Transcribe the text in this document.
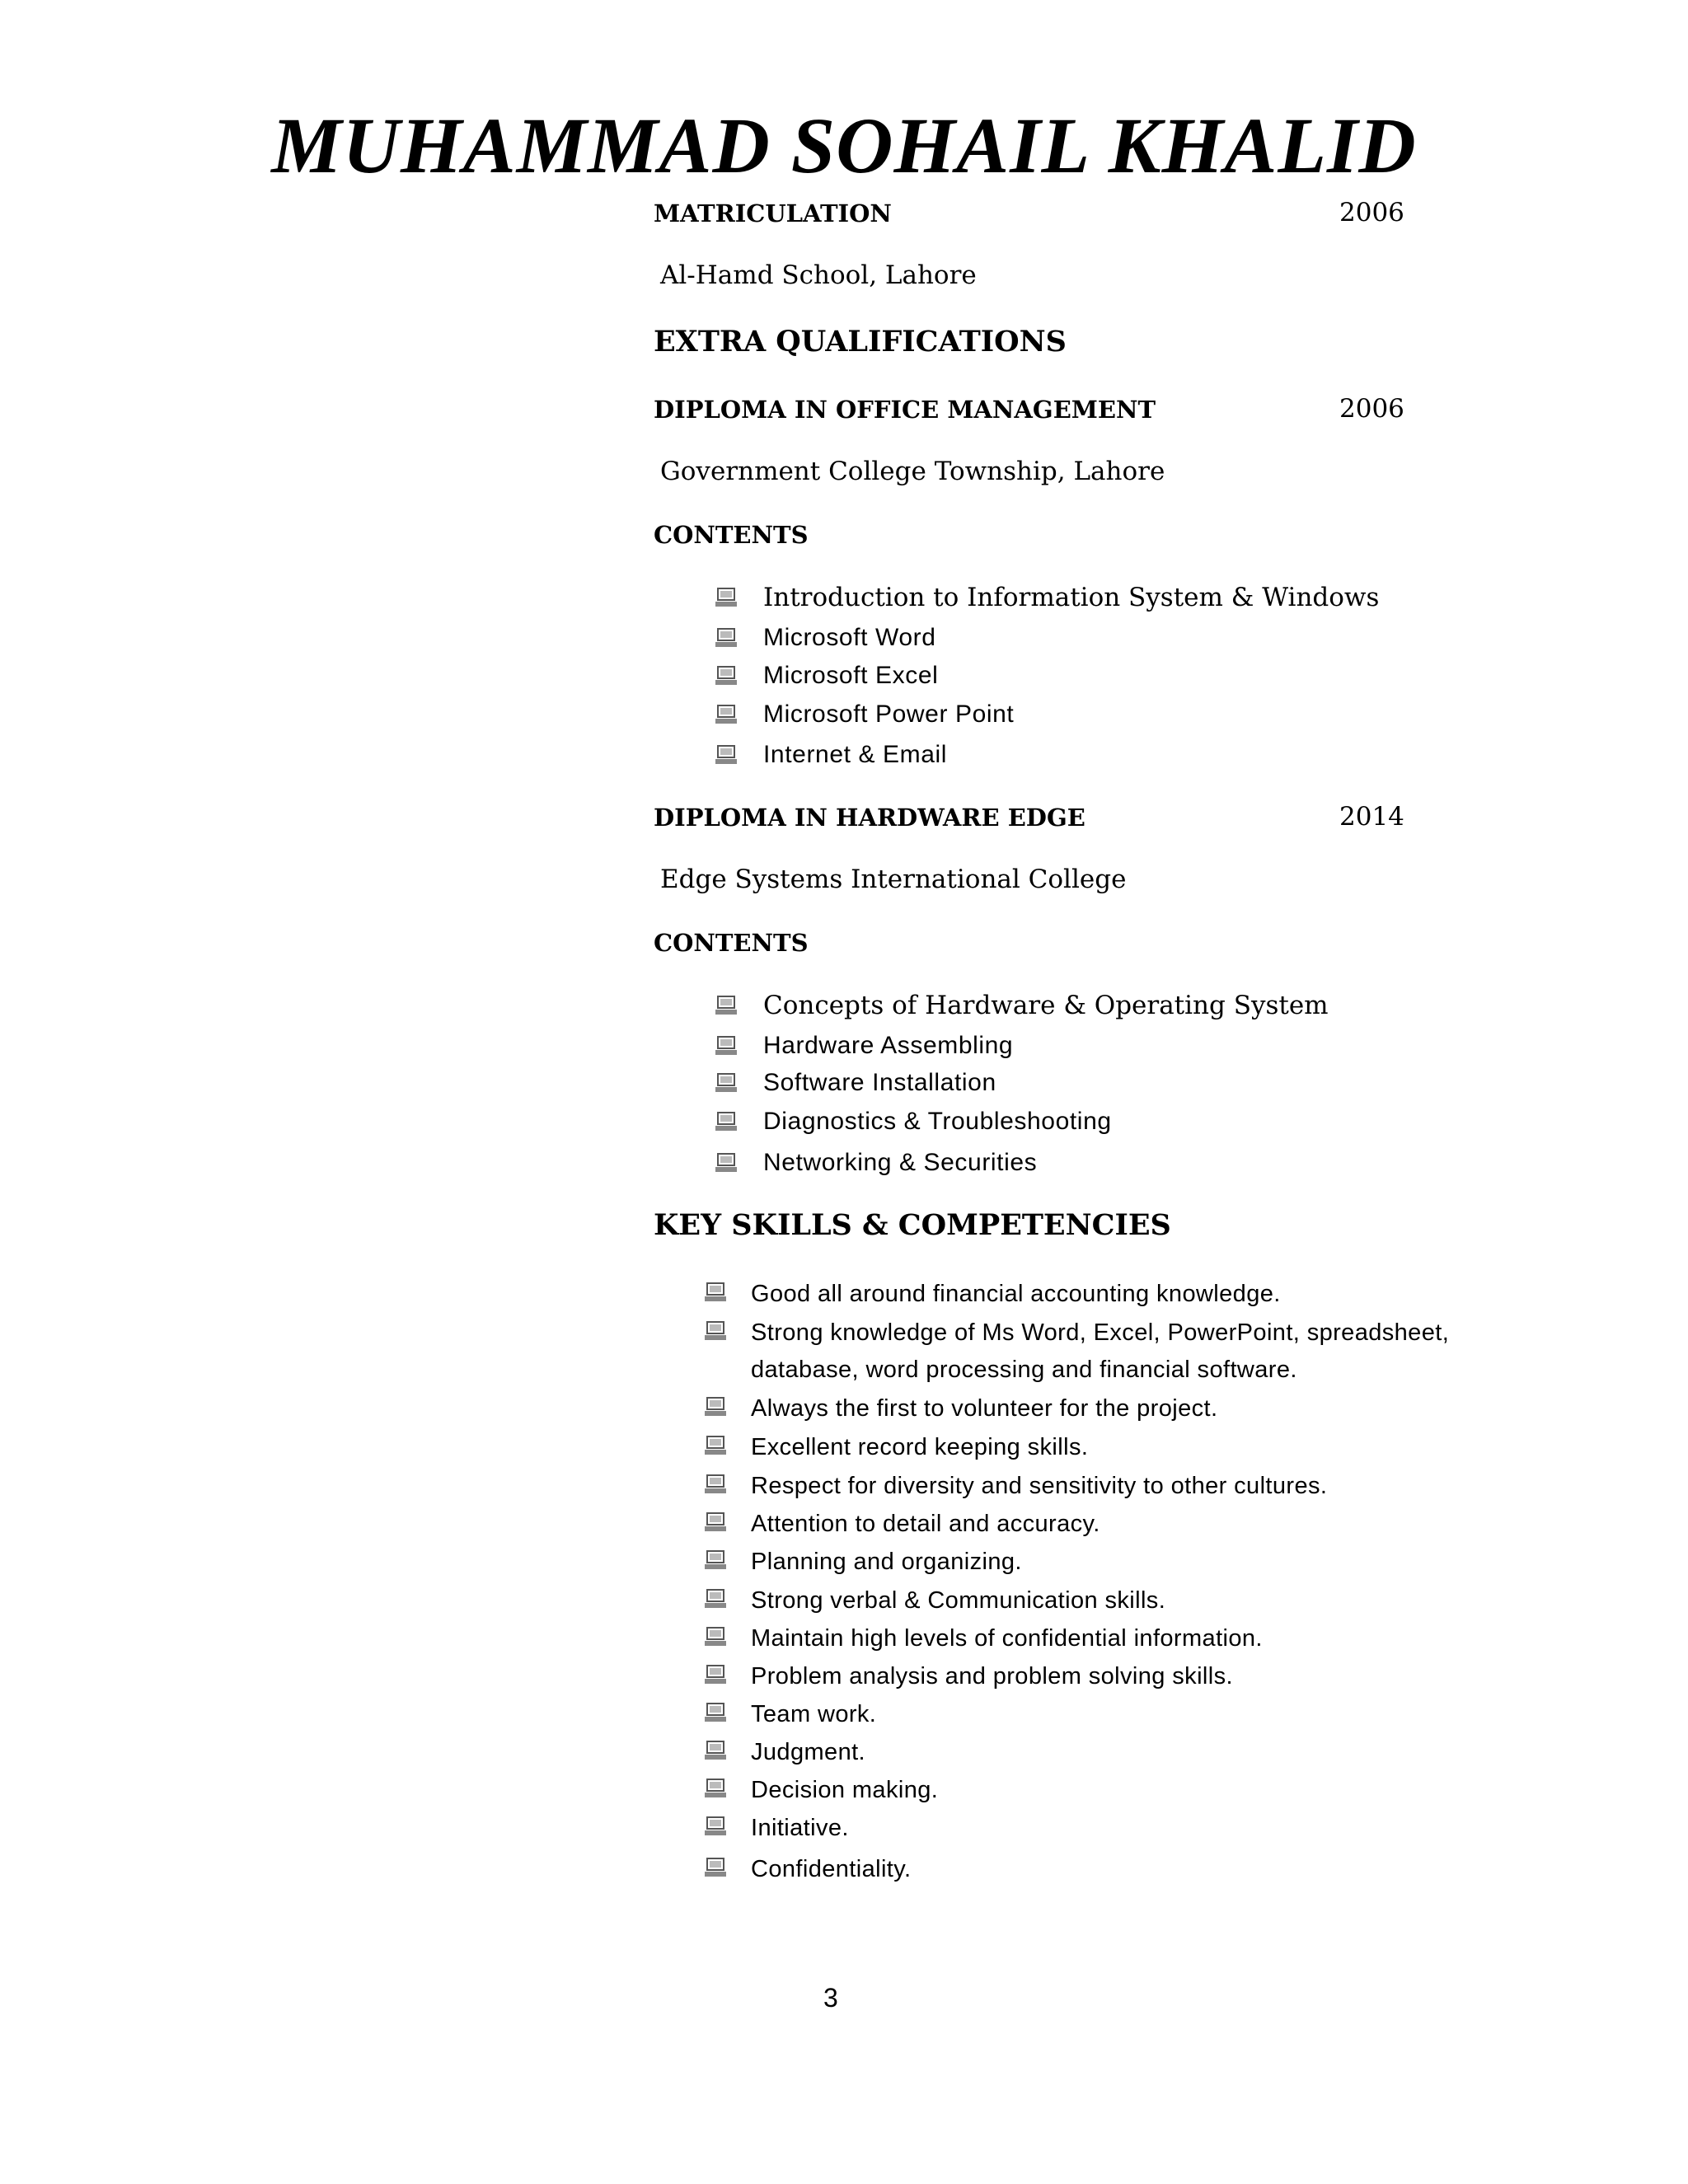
MUHAMMAD SOHAIL KHALID
MATRICULATION	2006
Al-Hamd School, Lahore
EXTRA QUALIFICATIONS
DIPLOMA IN OFFICE MANAGEMENT	2006
Government College Township, Lahore
CONTENTS
Introduction to Information System & Windows
Microsoft Word
Microsoft Excel
Microsoft Power Point
Internet & Email
DIPLOMA IN HARDWARE EDGE	2014
Edge Systems International College
CONTENTS
Concepts of Hardware & Operating System
Hardware Assembling
Software Installation
Diagnostics & Troubleshooting
Networking & Securities
KEY SKILLS & COMPETENCIES
Good all around financial accounting knowledge.
Strong knowledge of Ms Word, Excel, PowerPoint, spreadsheet,
database, word processing and financial software.
Always the first to volunteer for the project.
Excellent record keeping skills.
Respect for diversity and sensitivity to other cultures.
Attention to detail and accuracy.
Planning and organizing.
Strong verbal & Communication skills.
Maintain high levels of confidential information.
Problem analysis and problem solving skills.
Team work.
Judgment.
Decision making.
Initiative.
Confidentiality.
3
